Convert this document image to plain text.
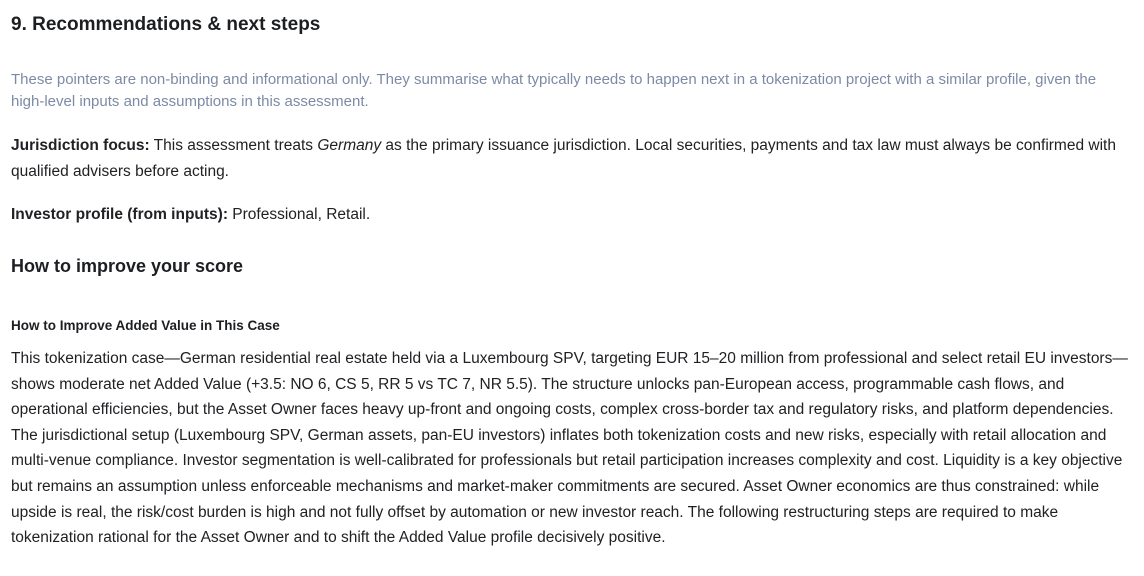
9. Recommendations & next steps

These pointers are non-binding and informational only. They summarise what typically needs to happen next in a tokenization project with a similar profile, given the high-level inputs and assumptions in this assessment.

Jurisdiction focus: This assessment treats Germany as the primary issuance jurisdiction. Local securities, payments and tax law must always be confirmed with qualified advisers before acting.

Investor profile (from inputs): Professional, Retail.

How to improve your score
How to Improve Added Value in This Case

This tokenization case—German residential real estate held via a Luxembourg SPV, targeting EUR 15–20 million from professional and select retail EU investors—shows moderate net Added Value (+3.5: NO 6, CS 5, RR 5 vs TC 7, NR 5.5). The structure unlocks pan-European access, programmable cash flows, and operational efficiencies, but the Asset Owner faces heavy up-front and ongoing costs, complex cross-border tax and regulatory risks, and platform dependencies. The jurisdictional setup (Luxembourg SPV, German assets, pan-EU investors) inflates both tokenization costs and new risks, especially with retail allocation and multi-venue compliance. Investor segmentation is well-calibrated for professionals but retail participation increases complexity and cost. Liquidity is a key objective but remains an assumption unless enforceable mechanisms and market-maker commitments are secured. Asset Owner economics are thus constrained: while upside is real, the risk/cost burden is high and not fully offset by automation or new investor reach. The following restructuring steps are required to make tokenization rational for the Asset Owner and to shift the Added Value profile decisively positive.
